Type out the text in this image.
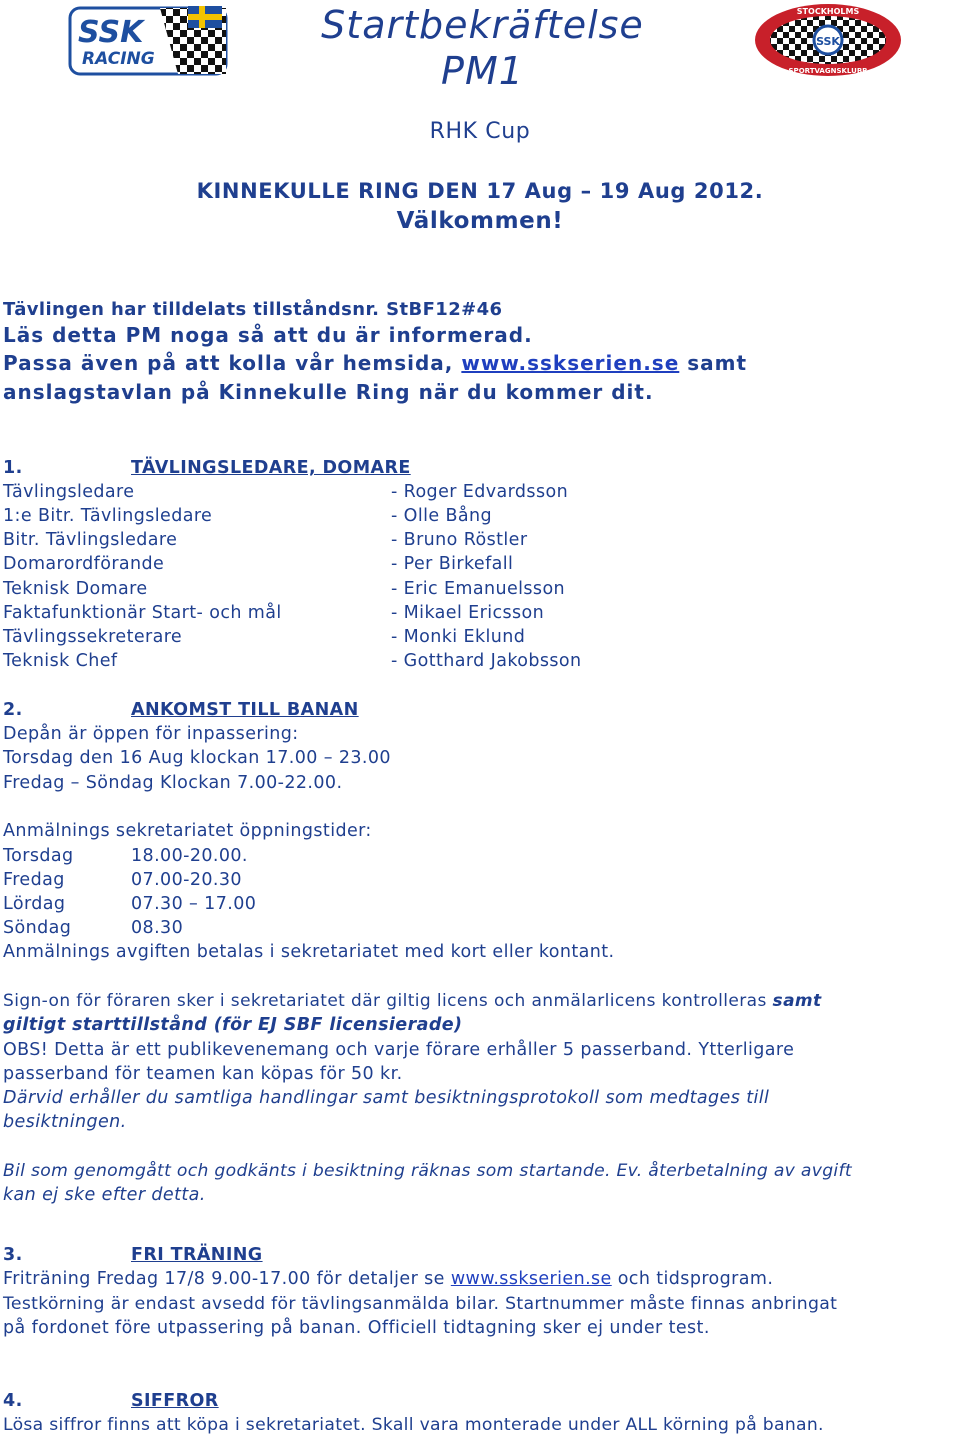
SSK
RACING
Startbekräftelse
PM1
SSK
STOCKHOLMS
SPORTVAGNSKLUBB
RHK Cup
KINNEKULLE RING DEN 17 Aug – 19 Aug 2012.
Välkommen!
Tävlingen har tilldelats tillståndsnr. StBF12#46
Läs detta PM noga så att du är informerad.
Passa även på att kolla vår hemsida, www.sskserien.se samt
anslagstavlan på Kinnekulle Ring när du kommer dit.
1.	TÄVLINGSLEDARE, DOMARE
Tävlingsledare	- Roger Edvardsson
1:e Bitr. Tävlingsledare	- Olle Bång
Bitr. Tävlingsledare	- Bruno Röstler
Domarordförande	- Per Birkefall
Teknisk Domare	- Eric Emanuelsson
Faktafunktionär Start- och mål	- Mikael Ericsson
Tävlingssekreterare	- Monki Eklund
Teknisk Chef	- Gotthard Jakobsson
2.	ANKOMST TILL BANAN
Depån är öppen för inpassering:
Torsdag den 16 Aug klockan 17.00 – 23.00
Fredag – Söndag Klockan 7.00-22.00.
Anmälnings sekretariatet öppningstider:
Torsdag	18.00-20.00.
Fredag	07.00-20.30
Lördag	07.30 – 17.00
Söndag	08.30
Anmälnings avgiften betalas i sekretariatet med kort eller kontant.
Sign-on för föraren sker i sekretariatet där giltig licens och anmälarlicens kontrolleras samt
giltigt starttillstånd (för EJ SBF licensierade)
OBS! Detta är ett publikevenemang och varje förare erhåller 5 passerband. Ytterligare
passerband för teamen kan köpas för 50 kr.
Därvid erhåller du samtliga handlingar samt besiktningsprotokoll som medtages till
besiktningen.
Bil som genomgått och godkänts i besiktning räknas som startande. Ev. återbetalning av avgift
kan ej ske efter detta.
3.	FRI TRÄNING
Friträning Fredag 17/8 9.00-17.00 för detaljer se www.sskserien.se och tidsprogram.
Testkörning är endast avsedd för tävlingsanmälda bilar. Startnummer måste finnas anbringat
på fordonet före utpassering på banan. Officiell tidtagning sker ej under test.
4.	SIFFROR
Lösa siffror finns att köpa i sekretariatet. Skall vara monterade under ALL körning på banan.
